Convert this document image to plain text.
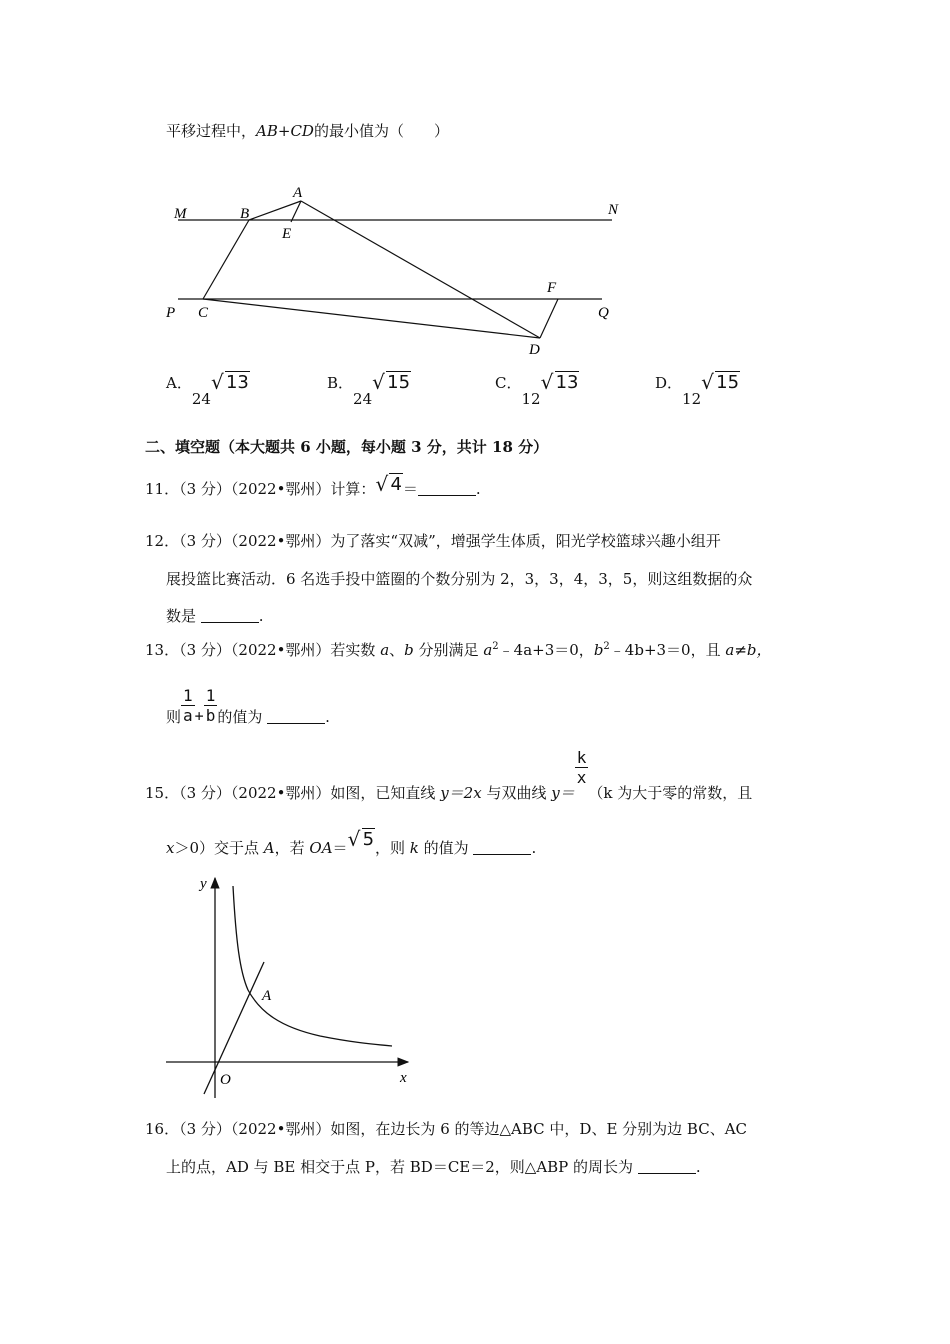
平移过程中，AB+CD的最小值为（　　）
M	B
A
E
N
F
P C	Q
D
A．24√ 13	B．24√ 15	C．12√ 13	D．12√ 15
二、填空题（本大题共 6 小题，每小题 3 分，共计 18 分）
11．（3 分）（2022•鄂州）计算： √ 4＝	.
12．（3 分）（2022•鄂州）为了落实“双减”，增强学生体质，阳光学校篮球兴趣小组开
展投篮比赛活动．6 名选手投中篮圈的个数分别为 2，3，3，4，3，5，则这组数据的众
数是	.
13．（3 分）（2022•鄂州）若实数 a、b 分别满足 $a^2﹣4a+3=0$，$b^2﹣4b+3=0$，且 a≠b，
则 $\frac{1}{a} + \frac{1}{b}$ 的值为	.
15．（3 分）（2022•鄂州）如图，已知直线 y＝2x 与双曲线 y＝
$\frac{k}{x}$
（k 为大于零的常数，且
x＞0）交于点 A，若 OA＝ √ 5，则 k 的值为	.
y
x
O
A
16．（3 分）（2022•鄂州）如图，在边长为 6 的等边△ABC 中，D、E 分别为边 BC、AC
上的点，AD 与 BE 相交于点 P，若 BD＝CE＝2，则△ABP 的周长为	.
